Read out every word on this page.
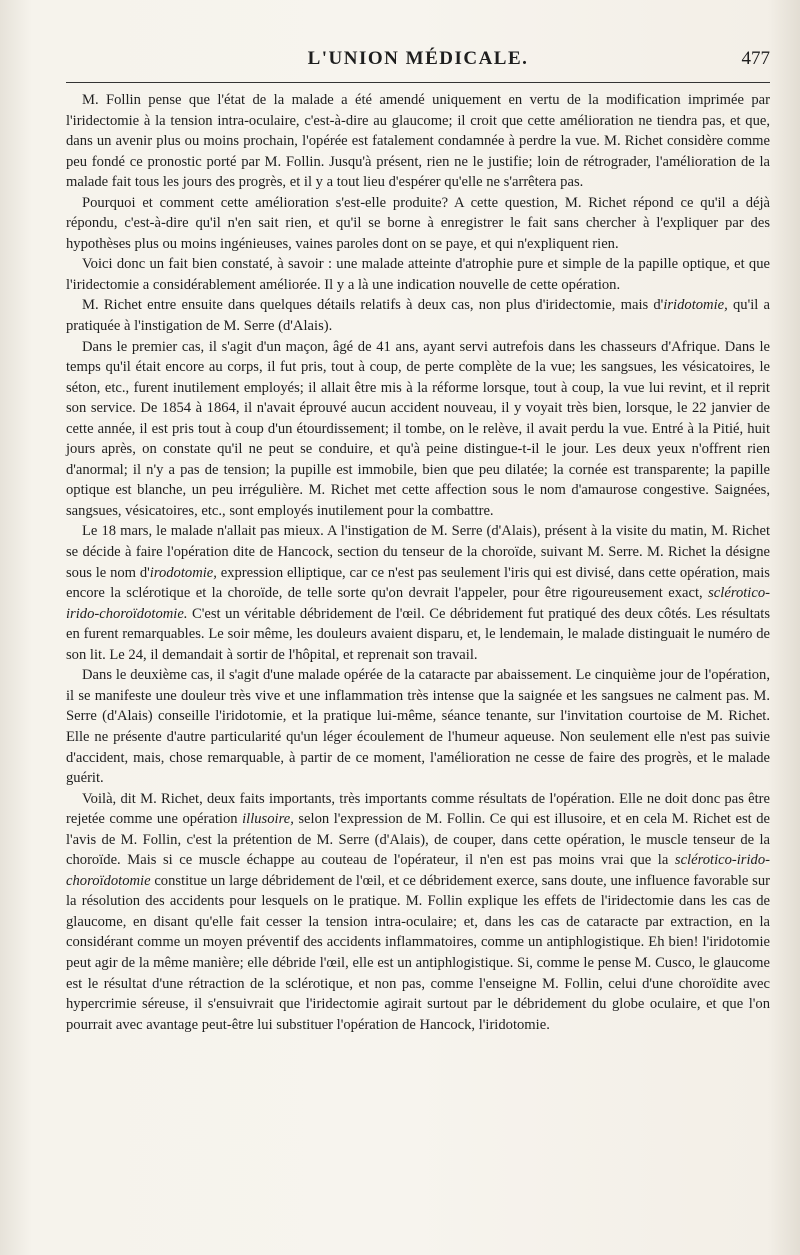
L'UNION MÉDICALE.	477

M. Follin pense que l'état de la malade a été amendé uniquement en vertu de la modification imprimée par l'iridectomie à la tension intra-oculaire, c'est-à-dire au glaucome; il croit que cette amélioration ne tiendra pas, et que, dans un avenir plus ou moins prochain, l'opérée est fatalement condamnée à perdre la vue. M. Richet considère comme peu fondé ce pronostic porté par M. Follin. Jusqu'à présent, rien ne le justifie; loin de rétrograder, l'amélioration de la malade fait tous les jours des progrès, et il y a tout lieu d'espérer qu'elle ne s'arrêtera pas.

Pourquoi et comment cette amélioration s'est-elle produite? A cette question, M. Richet répond ce qu'il a déjà répondu, c'est-à-dire qu'il n'en sait rien, et qu'il se borne à enregistrer le fait sans chercher à l'expliquer par des hypothèses plus ou moins ingénieuses, vaines paroles dont on se paye, et qui n'expliquent rien.

Voici donc un fait bien constaté, à savoir : une malade atteinte d'atrophie pure et simple de la papille optique, et que l'iridectomie a considérablement améliorée. Il y a là une indication nouvelle de cette opération.

M. Richet entre ensuite dans quelques détails relatifs à deux cas, non plus d'iridectomie, mais d'iridotomie, qu'il a pratiquée à l'instigation de M. Serre (d'Alais).

Dans le premier cas, il s'agit d'un maçon, âgé de 41 ans, ayant servi autrefois dans les chasseurs d'Afrique. Dans le temps qu'il était encore au corps, il fut pris, tout à coup, de perte complète de la vue; les sangsues, les vésicatoires, le séton, etc., furent inutilement employés; il allait être mis à la réforme lorsque, tout à coup, la vue lui revint, et il reprit son service. De 1854 à 1864, il n'avait éprouvé aucun accident nouveau, il y voyait très bien, lorsque, le 22 janvier de cette année, il est pris tout à coup d'un étourdissement; il tombe, on le relève, il avait perdu la vue. Entré à la Pitié, huit jours après, on constate qu'il ne peut se conduire, et qu'à peine distingue-t-il le jour. Les deux yeux n'offrent rien d'anormal; il n'y a pas de tension; la pupille est immobile, bien que peu dilatée; la cornée est transparente; la papille optique est blanche, un peu irrégulière. M. Richet met cette affection sous le nom d'amaurose congestive. Saignées, sangsues, vésicatoires, etc., sont employés inutilement pour la combattre.

Le 18 mars, le malade n'allait pas mieux. A l'instigation de M. Serre (d'Alais), présent à la visite du matin, M. Richet se décide à faire l'opération dite de Hancock, section du tenseur de la choroïde, suivant M. Serre. M. Richet la désigne sous le nom d'irodotomie, expression elliptique, car ce n'est pas seulement l'iris qui est divisé, dans cette opération, mais encore la sclérotique et la choroïde, de telle sorte qu'on devrait l'appeler, pour être rigoureusement exact, sclérotico-irido-choroïdotomie. C'est un véritable débridement de l'œil. Ce débridement fut pratiqué des deux côtés. Les résultats en furent remarquables. Le soir même, les douleurs avaient disparu, et, le lendemain, le malade distinguait le numéro de son lit. Le 24, il demandait à sortir de l'hôpital, et reprenait son travail.

Dans le deuxième cas, il s'agit d'une malade opérée de la cataracte par abaissement. Le cinquième jour de l'opération, il se manifeste une douleur très vive et une inflammation très intense que la saignée et les sangsues ne calment pas. M. Serre (d'Alais) conseille l'iridotomie, et la pratique lui-même, séance tenante, sur l'invitation courtoise de M. Richet. Elle ne présente d'autre particularité qu'un léger écoulement de l'humeur aqueuse. Non seulement elle n'est pas suivie d'accident, mais, chose remarquable, à partir de ce moment, l'amélioration ne cesse de faire des progrès, et le malade guérit.

Voilà, dit M. Richet, deux faits importants, très importants comme résultats de l'opération. Elle ne doit donc pas être rejetée comme une opération illusoire, selon l'expression de M. Follin. Ce qui est illusoire, et en cela M. Richet est de l'avis de M. Follin, c'est la prétention de M. Serre (d'Alais), de couper, dans cette opération, le muscle tenseur de la choroïde. Mais si ce muscle échappe au couteau de l'opérateur, il n'en est pas moins vrai que la sclérotico-irido-choroïdotomie constitue un large débridement de l'œil, et ce débridement exerce, sans doute, une influence favorable sur la résolution des accidents pour lesquels on le pratique. M. Follin explique les effets de l'iridectomie dans les cas de glaucome, en disant qu'elle fait cesser la tension intra-oculaire; et, dans les cas de cataracte par extraction, en la considérant comme un moyen préventif des accidents inflammatoires, comme un antiphlogistique. Eh bien! l'iridotomie peut agir de la même manière; elle débride l'œil, elle est un antiphlogistique. Si, comme le pense M. Cusco, le glaucome est le résultat d'une rétraction de la sclérotique, et non pas, comme l'enseigne M. Follin, celui d'une choroïdite avec hypercrimie séreuse, il s'ensuivrait que l'iridectomie agirait surtout par le débridement du globe oculaire, et que l'on pourrait avec avantage peut-être lui substituer l'opération de Hancock, l'iridotomie.
